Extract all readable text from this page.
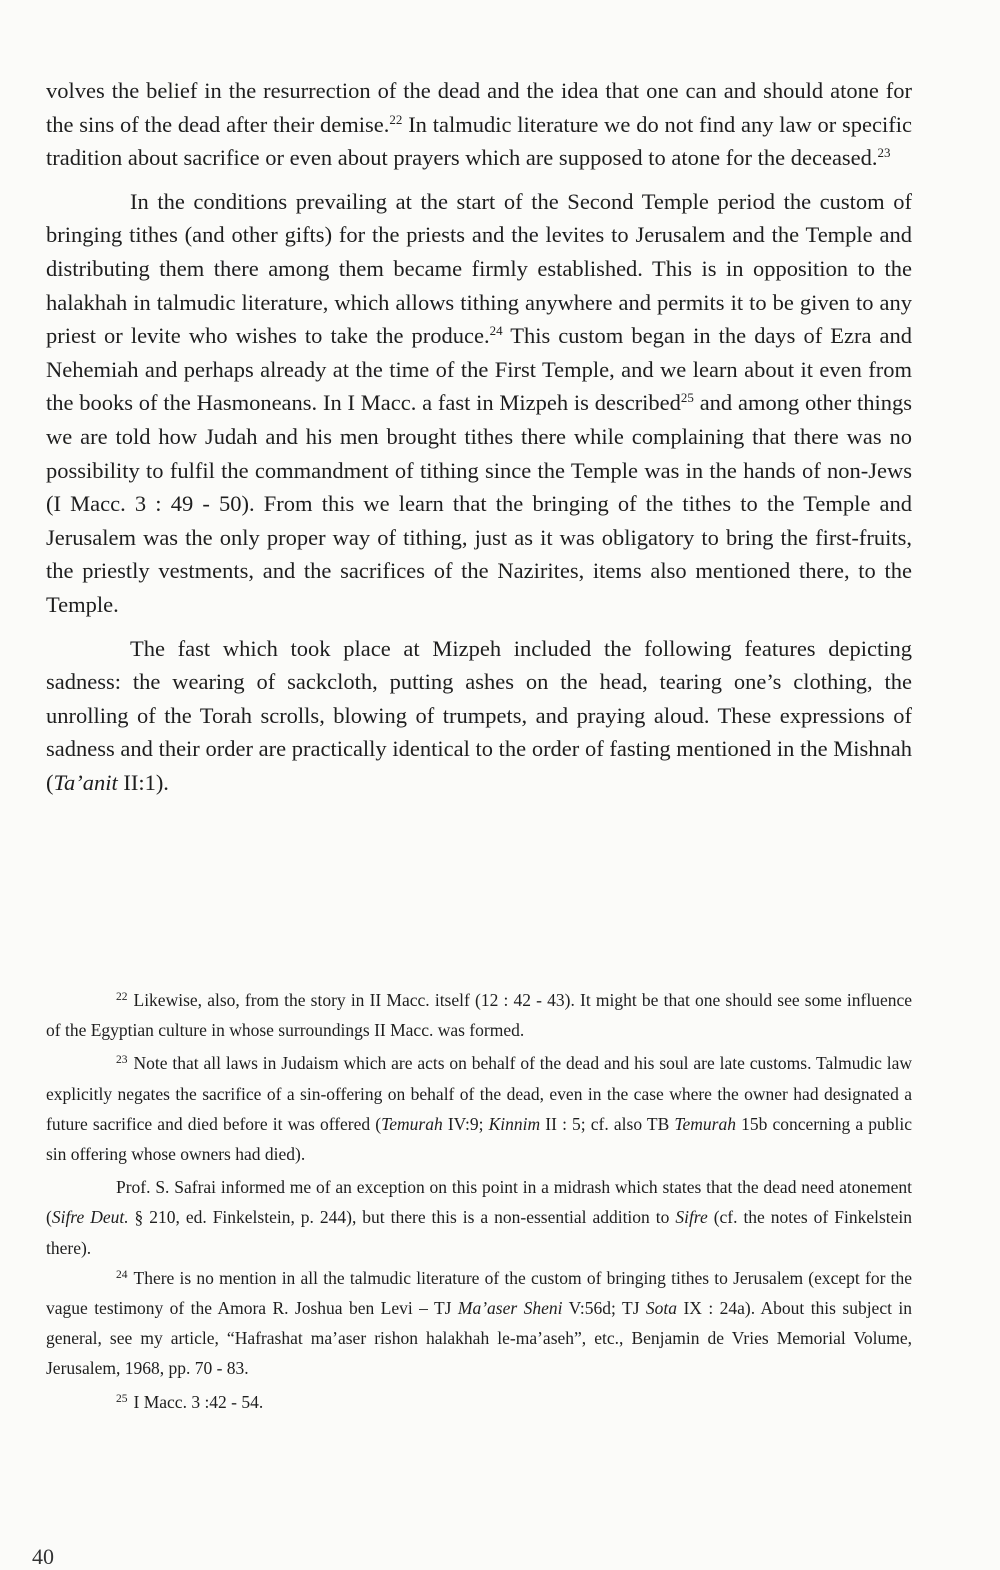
volves the belief in the resurrection of the dead and the idea that one can and should atone for the sins of the dead after their demise.$^{22}$ In talmudic literature we do not find any law or specific tradition about sacrifice or even about prayers which are supposed to atone for the deceased.$^{23}$

In the conditions prevailing at the start of the Second Temple period the custom of bringing tithes (and other gifts) for the priests and the levites to Jerusalem and the Temple and distributing them there among them became firmly established. This is in opposition to the halakhah in talmudic literature, which allows tithing anywhere and permits it to be given to any priest or levite who wishes to take the produce.$^{24}$ This custom began in the days of Ezra and Nehemiah and perhaps already at the time of the First Temple, and we learn about it even from the books of the Hasmoneans. In I Macc. a fast in Mizpeh is described$^{25}$ and among other things we are told how Judah and his men brought tithes there while complaining that there was no possibility to fulfil the commandment of tithing since the Temple was in the hands of non-Jews (I Macc. 3 : 49 - 50). From this we learn that the bringing of the tithes to the Temple and Jerusalem was the only proper way of tithing, just as it was obligatory to bring the first-fruits, the priestly vestments, and the sacrifices of the Nazirites, items also mentioned there, to the Temple.

The fast which took place at Mizpeh included the following features depicting sadness: the wearing of sackcloth, putting ashes on the head, tearing one’s clothing, the unrolling of the Torah scrolls, blowing of trumpets, and praying aloud. These expressions of sadness and their order are practically identical to the order of fasting mentioned in the Mishnah (Ta’anit II:1).

$^{22}$ Likewise, also, from the story in II Macc. itself (12 : 42 - 43). It might be that one should see some influence of the Egyptian culture in whose surroundings II Macc. was formed.

$^{23}$ Note that all laws in Judaism which are acts on behalf of the dead and his soul are late customs. Talmudic law explicitly negates the sacrifice of a sin-offering on behalf of the dead, even in the case where the owner had designated a future sacrifice and died before it was offered (Temurah IV:9; Kinnim II : 5; cf. also TB Temurah 15b concerning a public sin offering whose owners had died).

Prof. S. Safrai informed me of an exception on this point in a midrash which states that the dead need atonement (Sifre Deut. § 210, ed. Finkelstein, p. 244), but there this is a non-essential addition to Sifre (cf. the notes of Finkelstein there).

$^{24}$ There is no mention in all the talmudic literature of the custom of bringing tithes to Jerusalem (except for the vague testimony of the Amora R. Joshua ben Levi – TJ Ma’aser Sheni V:56d; TJ Sota IX : 24a). About this subject in general, see my article, “Hafrashat ma’aser rishon halakhah le-ma’aseh”, etc., Benjamin de Vries Memorial Volume, Jerusalem, 1968, pp. 70 - 83.

$^{25}$ I Macc. 3 :42 - 54.

40
